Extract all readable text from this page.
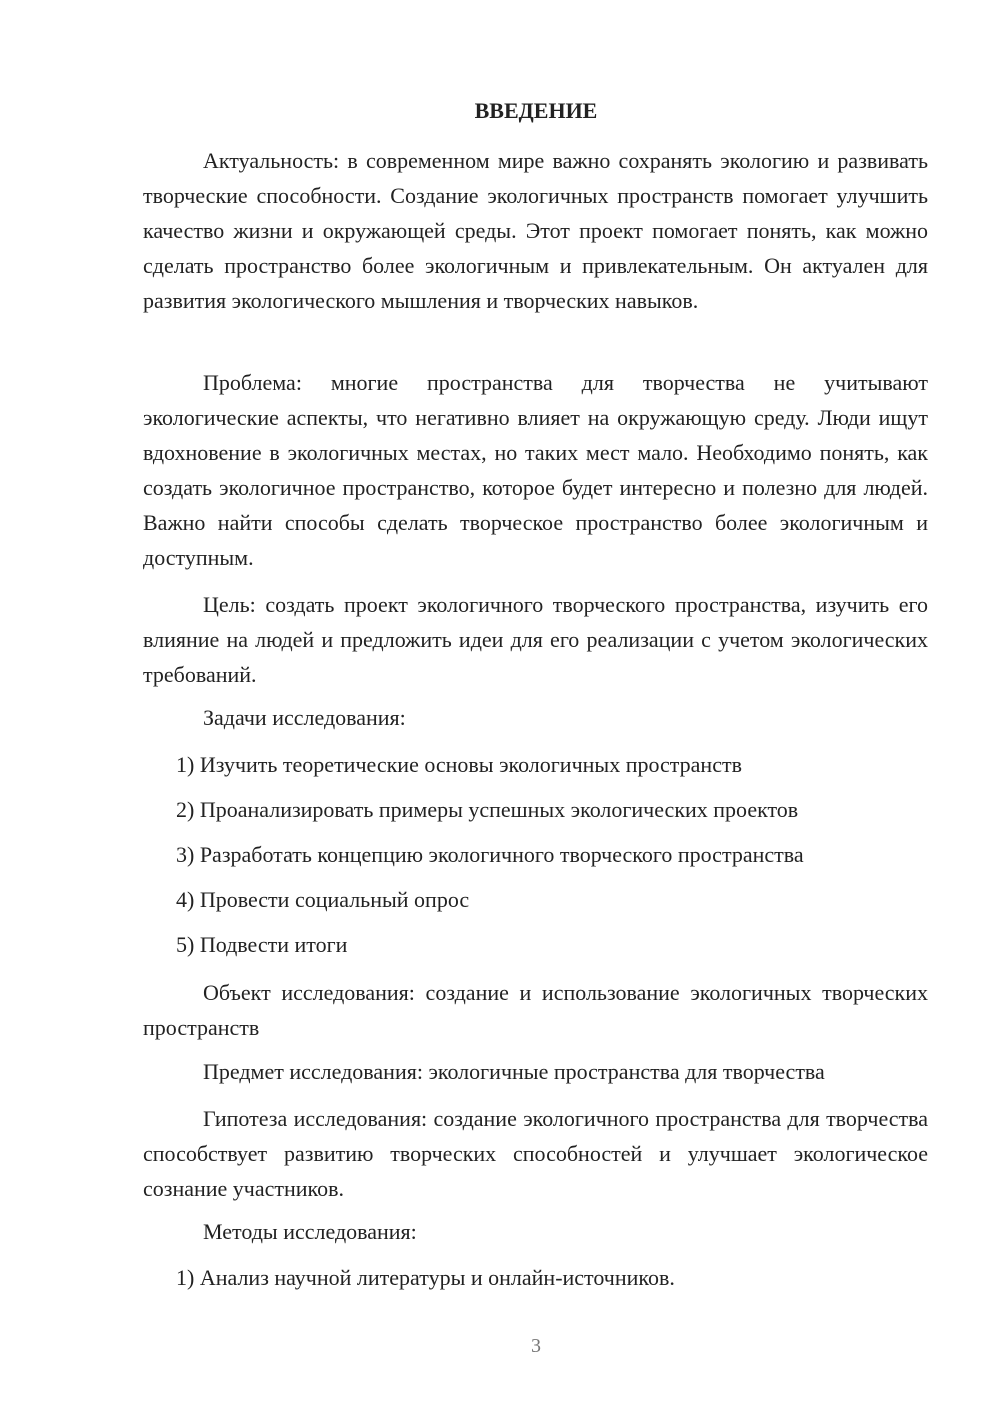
ВВЕДЕНИЕ

Актуальность: в современном мире важно сохранять экологию и развивать творческие способности. Создание экологичных пространств помогает улучшить качество жизни и окружающей среды. Этот проект помогает понять, как можно сделать пространство более экологичным и привлекательным. Он актуален для развития экологического мышления и творческих навыков.

Проблема: многие пространства для творчества не учитывают экологические аспекты, что негативно влияет на окружающую среду. Люди ищут вдохновение в экологичных местах, но таких мест мало. Необходимо понять, как создать экологичное пространство, которое будет интересно и полезно для людей. Важно найти способы сделать творческое пространство более экологичным и доступным.

Цель: создать проект экологичного творческого пространства, изучить его влияние на людей и предложить идеи для его реализации с учетом экологических требований.

Задачи исследования:

1) Изучить теоретические основы экологичных пространств

2) Проанализировать примеры успешных экологических проектов

3) Разработать концепцию экологичного творческого пространства

4) Провести социальный опрос

5) Подвести итоги

Объект исследования: создание и использование экологичных творческих пространств

Предмет исследования: экологичные пространства для творчества

Гипотеза исследования: создание экологичного пространства для творчества способствует развитию творческих способностей и улучшает экологическое сознание участников.

Методы исследования:

1) Анализ научной литературы и онлайн-источников.

3
